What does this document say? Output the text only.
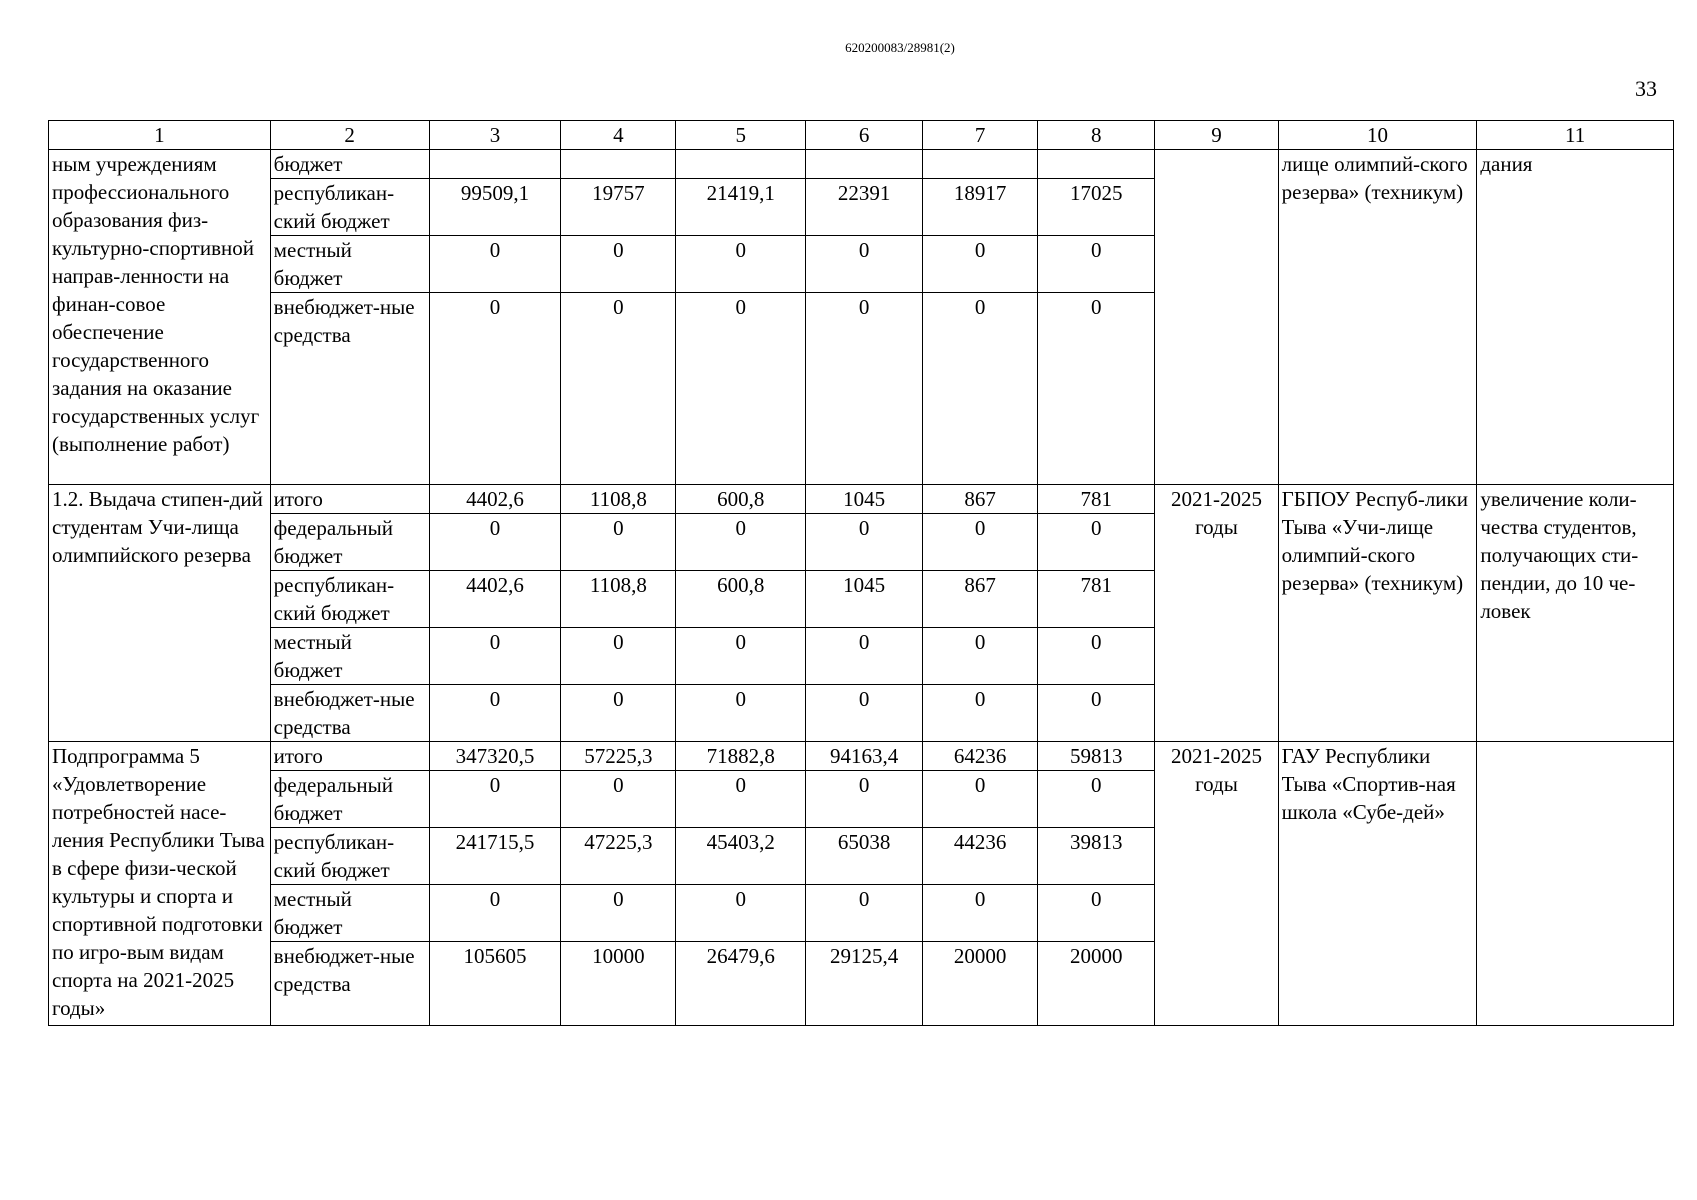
620200083/28981(2)
33
1	2	3	4	5	6	7	8	9	10	11
ным учреждениям профессионального образования физ-культурно-спортивной направ-ленности на финан-совое обеспечение государственного задания на оказание государственных услуг (выполнение работ)	бюджет								лище олимпий-ского резерва» (техникум)	дания
	республикан-ский бюджет	99509,1	19757	21419,1	22391	18917	17025			
	местный бюджет	0	0	0	0	0	0			
	внебюджет-ные средства	0	0	0	0	0	0			
1.2. Выдача стипен-дий студентам Учи-лища олимпийского резерва	итого	4402,6	1108,8	600,8	1045	867	781	2021-2025 годы	ГБПОУ Респуб-лики Тыва «Учи-лище олимпий-ского резерва» (техникум)	увеличение коли-чества студентов, получающих сти-пендии, до 10 че-ловек
	федеральный бюджет	0	0	0	0	0	0			
	республикан-ский бюджет	4402,6	1108,8	600,8	1045	867	781			
	местный бюджет	0	0	0	0	0	0			
	внебюджет-ные средства	0	0	0	0	0	0			
Подпрограмма 5 «Удовлетворение потребностей насе-ления Республики Тыва в сфере физи-ческой культуры и спорта и спортивной подготовки по игро-вым видам спорта на 2021-2025 годы»	итого	347320,5	57225,3	71882,8	94163,4	64236	59813	2021-2025 годы	ГАУ Республики Тыва «Спортив-ная школа «Субе-дей»	
	федеральный бюджет	0	0	0	0	0	0			
	республикан-ский бюджет	241715,5	47225,3	45403,2	65038	44236	39813			
	местный бюджет	0	0	0	0	0	0			
	внебюджет-ные средства	105605	10000	26479,6	29125,4	20000	20000			
